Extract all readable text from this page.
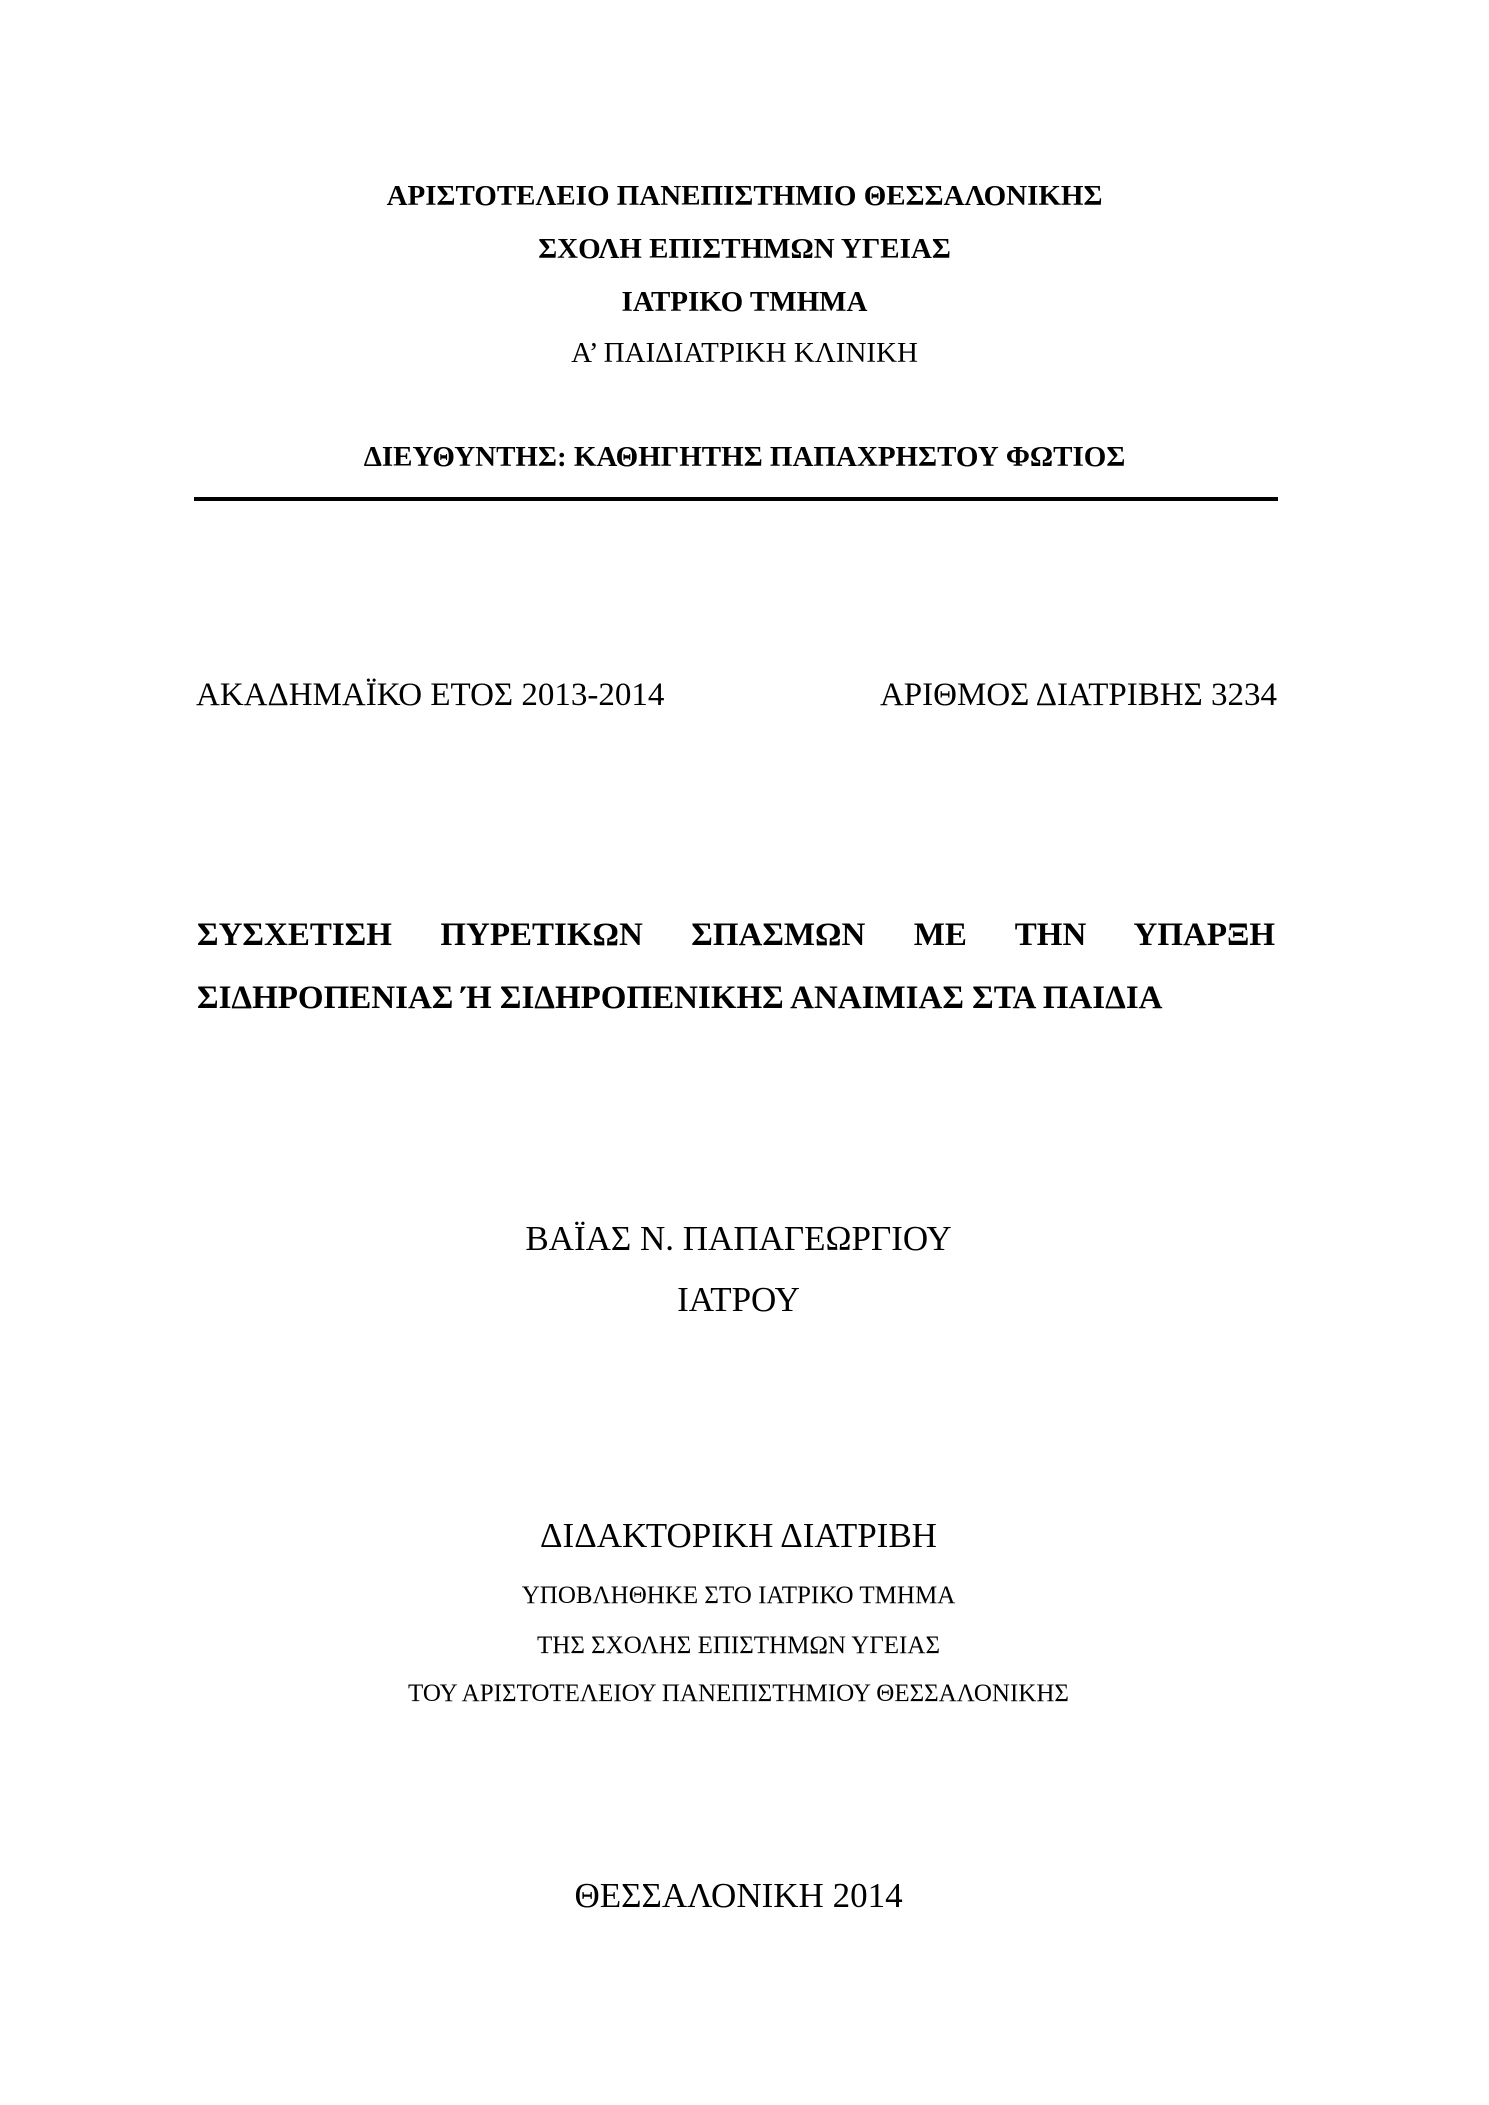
ΑΡΙΣΤΟΤΕΛΕΙΟ ΠΑΝΕΠΙΣΤΗΜΙΟ ΘΕΣΣΑΛΟΝΙΚΗΣ
ΣΧΟΛΗ ΕΠΙΣΤΗΜΩΝ ΥΓΕΙΑΣ
ΙΑΤΡΙΚΟ ΤΜΗΜΑ
Α’ ΠΑΙΔΙΑΤΡΙΚΗ ΚΛΙΝΙΚΗ
ΔΙΕΥΘΥΝΤΗΣ: ΚΑΘΗΓΗΤΗΣ ΠΑΠΑΧΡΗΣΤΟΥ ΦΩΤΙΟΣ
ΑΚΑΔΗΜΑΪΚΟ ΕΤΟΣ 2013-2014	ΑΡΙΘΜΟΣ ΔΙΑΤΡΙΒΗΣ 3234
ΣΥΣΧΕΤΙΣΗ ΠΥΡΕΤΙΚΩΝ ΣΠΑΣΜΩΝ ΜΕ ΤΗΝ ΥΠΑΡΞΗ
ΣΙΔΗΡΟΠΕΝΙΑΣ Ή ΣΙΔΗΡΟΠΕΝΙΚΗΣ ΑΝΑΙΜΙΑΣ ΣΤΑ ΠΑΙΔΙΑ
ΒΑΪΑΣ Ν. ΠΑΠΑΓΕΩΡΓΙΟΥ
ΙΑΤΡΟΥ
ΔΙΔΑΚΤΟΡΙΚΗ ΔΙΑΤΡΙΒΗ
ΥΠΟΒΛΗΘΗΚΕ ΣΤΟ ΙΑΤΡΙΚΟ ΤΜΗΜΑ
ΤΗΣ ΣΧΟΛΗΣ ΕΠΙΣΤΗΜΩΝ ΥΓΕΙΑΣ
ΤΟΥ ΑΡΙΣΤΟΤΕΛΕΙΟΥ ΠΑΝΕΠΙΣΤΗΜΙΟΥ ΘΕΣΣΑΛΟΝΙΚΗΣ
ΘΕΣΣΑΛΟΝΙΚΗ 2014
